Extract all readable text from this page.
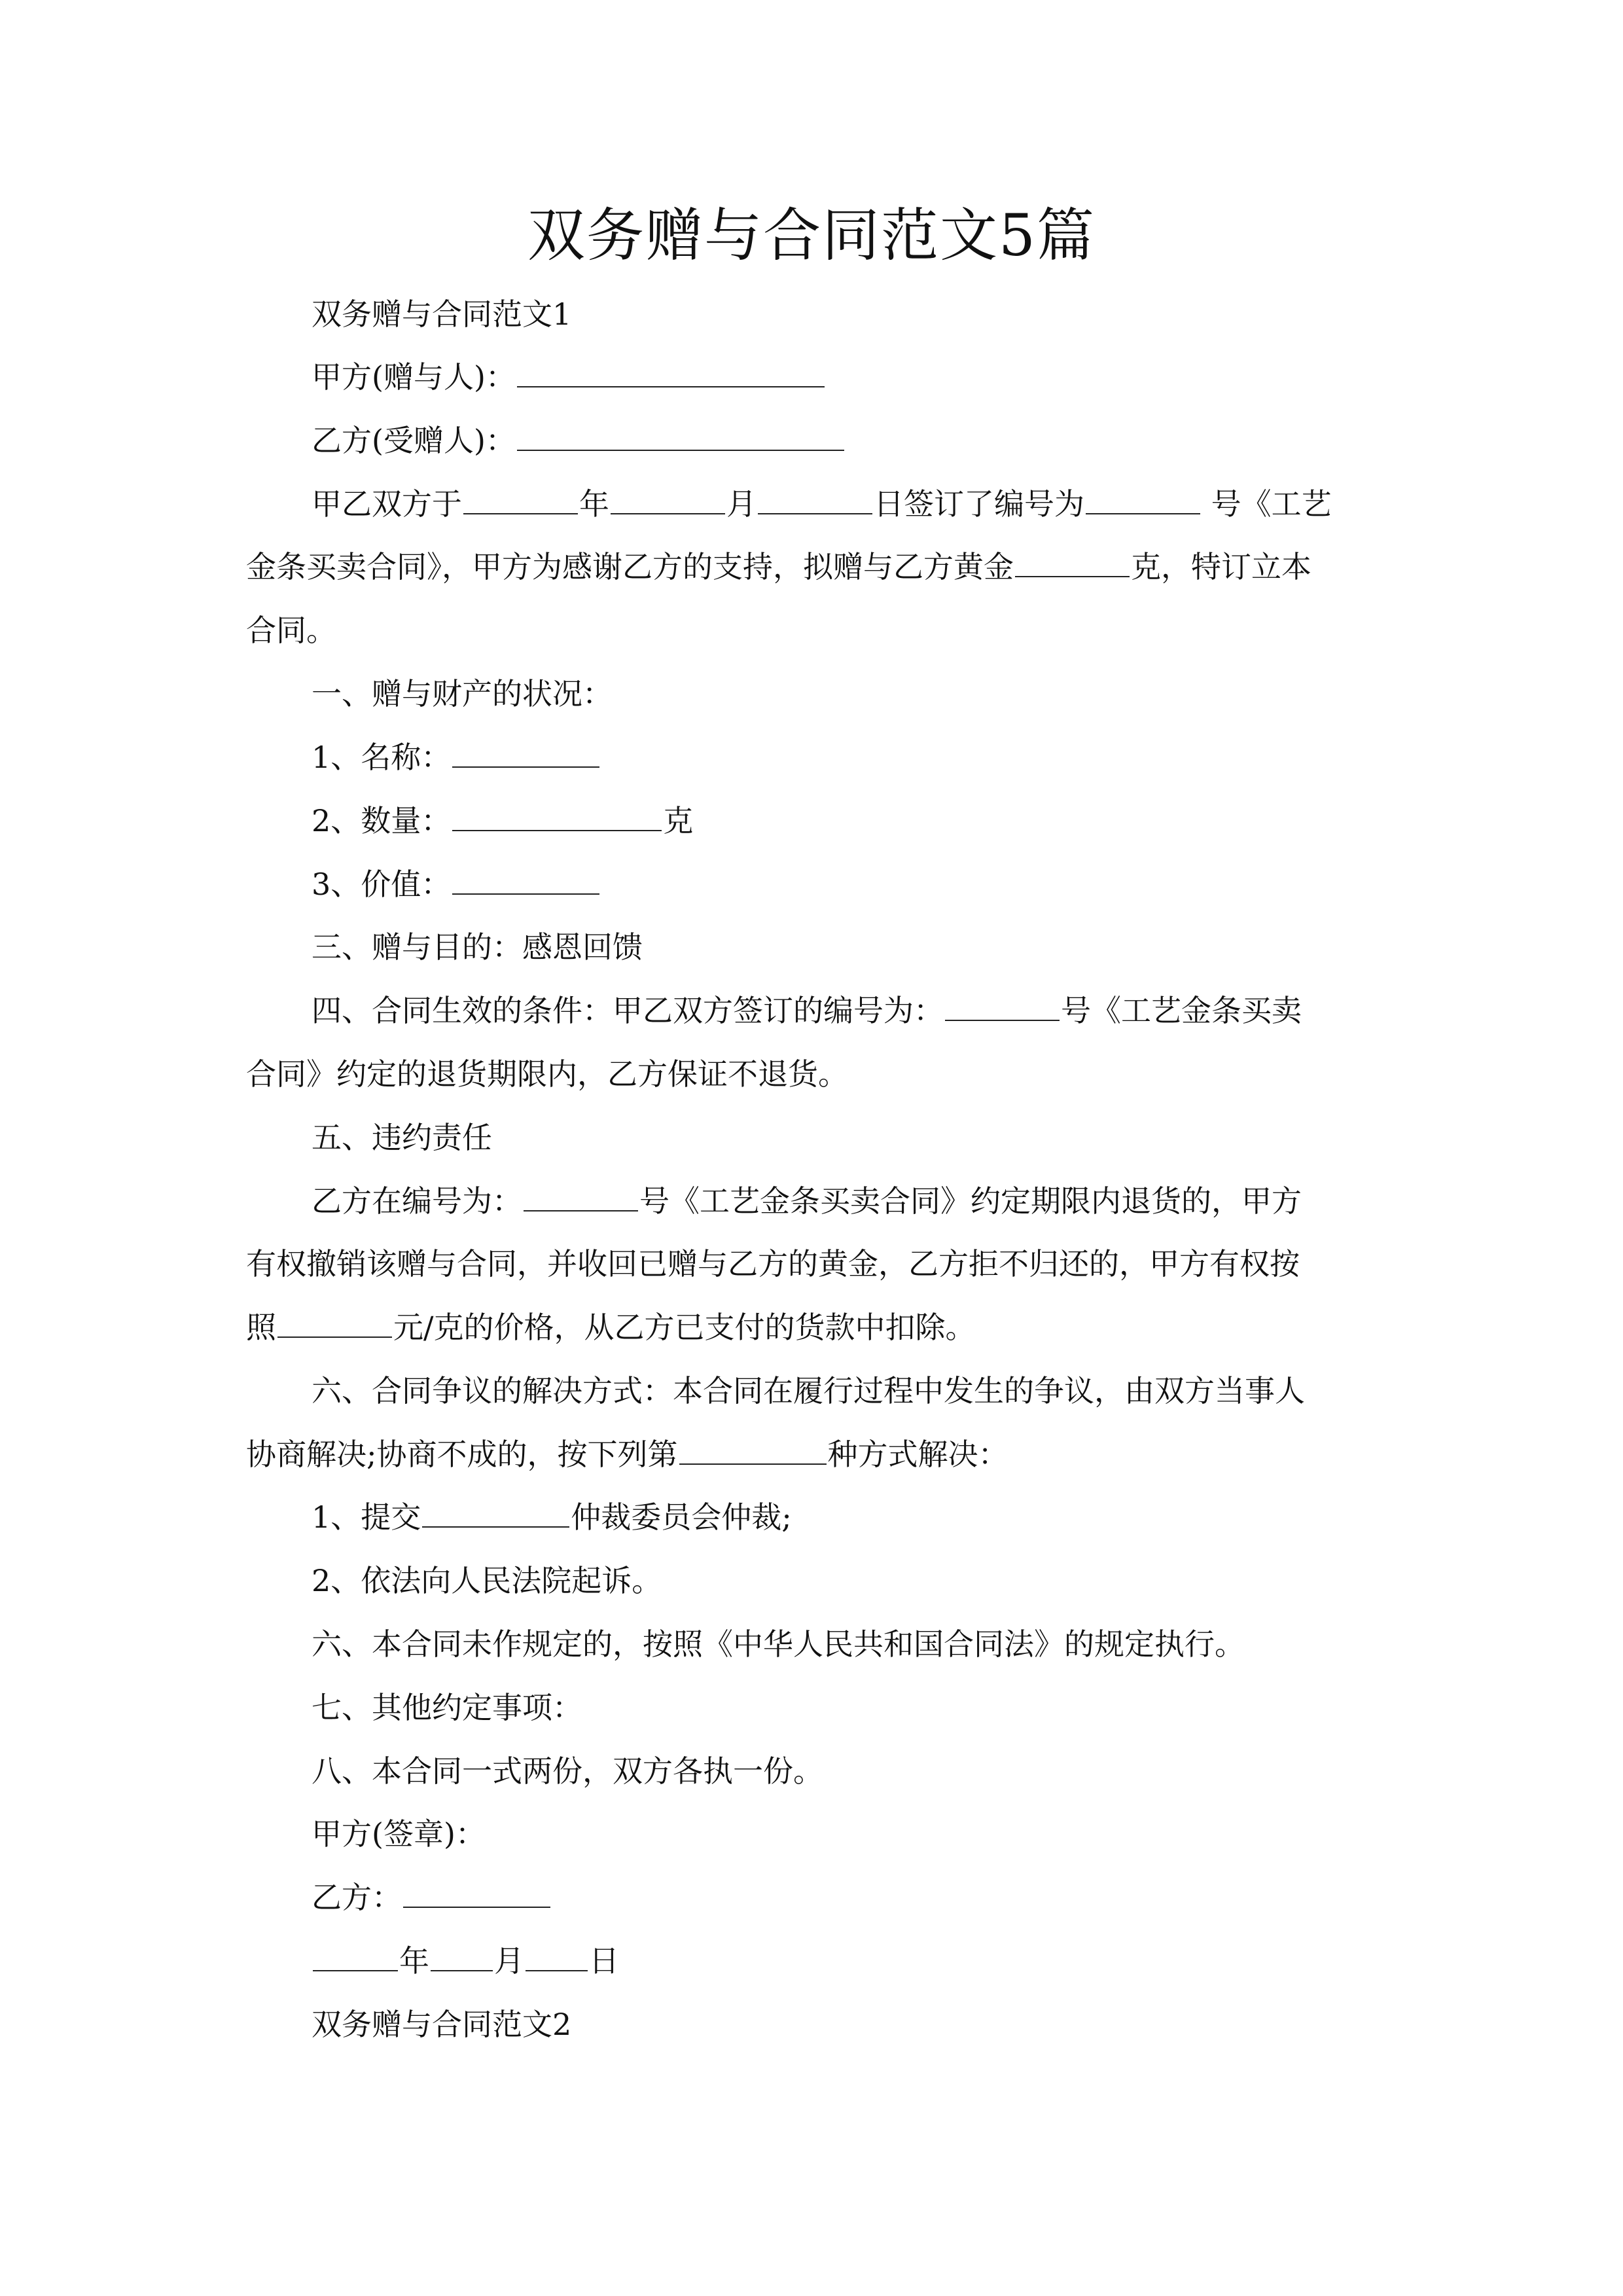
双务赠与合同范文5篇

双务赠与合同范文1

甲方(赠与人)：

乙方(受赠人)：

甲乙双方于	年	月	日签订了编号为	号《工艺

金条买卖合同》，甲方为感谢乙方的支持，拟赠与乙方黄金	克，特订立本

合同。

一、赠与财产的状况：

1、名称：

2、数量：	克

3、价值：

三、赠与目的：感恩回馈

四、合同生效的条件：甲乙双方签订的编号为：	号《工艺金条买卖

合同》约定的退货期限内，乙方保证不退货。

五、违约责任

乙方在编号为：	号《工艺金条买卖合同》约定期限内退货的，甲方

有权撤销该赠与合同，并收回已赠与乙方的黄金，乙方拒不归还的，甲方有权按

照	元/克的价格，从乙方已支付的货款中扣除。

六、合同争议的解决方式：本合同在履行过程中发生的争议，由双方当事人

协商解决;协商不成的，按下列第	种方式解决：

1、提交	仲裁委员会仲裁;

2、依法向人民法院起诉。

六、本合同未作规定的，按照《中华人民共和国合同法》的规定执行。

七、其他约定事项：

八、本合同一式两份，双方各执一份。

甲方(签章)：

乙方：

年 月 日

双务赠与合同范文2
